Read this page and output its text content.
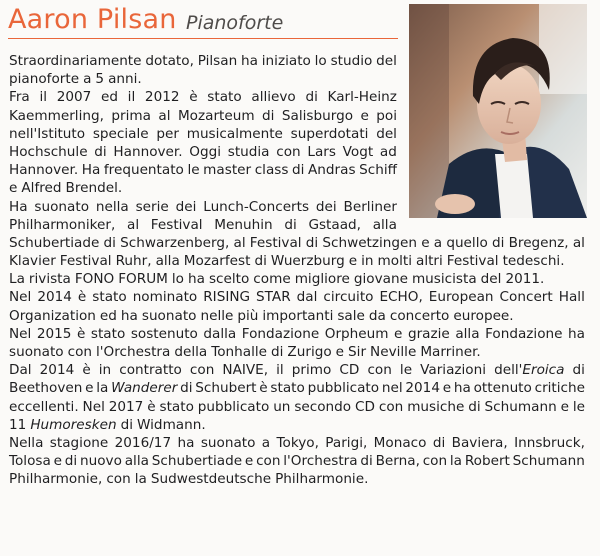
Aaron Pilsan Pianoforte
Straordinariamente dotato, Pilsan ha iniziato lo studio del
pianoforte a 5 anni.
Fra il 2007 ed il 2012 è stato allievo di Karl-Heinz
Kaemmerling, prima al Mozarteum di Salisburgo e poi
nell'Istituto speciale per musicalmente superdotati del
Hochschule di Hannover. Oggi studia con Lars Vogt ad
Hannover. Ha frequentato le master class di Andras Schiff
e Alfred Brendel.
Ha suonato nella serie dei Lunch-Concerts dei Berliner
Philharmoniker, al Festival Menuhin di Gstaad, alla
Schubertiade di Schwarzenberg, al Festival di Schwetzingen e a quello di Bregenz, al
Klavier Festival Ruhr, alla Mozarfest di Wuerzburg e in molti altri Festival tedeschi.
La rivista FONO FORUM lo ha scelto come migliore giovane musicista del 2011.
Nel 2014 è stato nominato RISING STAR dal circuito ECHO, European Concert Hall
Organization ed ha suonato nelle più importanti sale da concerto europee.
Nel 2015 è stato sostenuto dalla Fondazione Orpheum e grazie alla Fondazione ha
suonato con l'Orchestra della Tonhalle di Zurigo e Sir Neville Marriner.
Dal 2014 è in contratto con NAIVE, il primo CD con le Variazioni dell'Eroica di
Beethoven e la Wanderer di Schubert è stato pubblicato nel 2014 e ha ottenuto critiche
eccellenti. Nel 2017 è stato pubblicato un secondo CD con musiche di Schumann e le
11 Humoresken di Widmann.
Nella stagione 2016/17 ha suonato a Tokyo, Parigi, Monaco di Baviera, Innsbruck,
Tolosa e di nuovo alla Schubertiade e con l'Orchestra di Berna, con la Robert Schumann
Philharmonie, con la Sudwestdeutsche Philharmonie.
